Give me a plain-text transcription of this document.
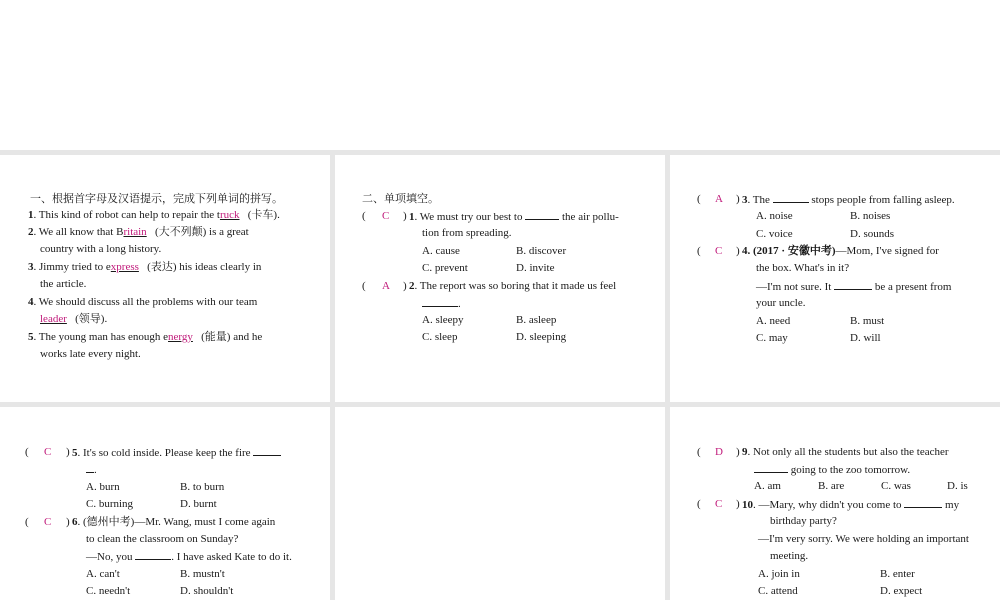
一、根据首字母及汉语提示，完成下列单词的拼写。
1. This kind of robot can help to repair the truck (卡车).
2. We all know that Britain (大不列颠) is a great
country with a long history.
3. Jimmy tried to express (表达) his ideas clearly in
the article.
4. We should discuss all the problems with our team
leader (领导).
5. The young man has enough energy (能量) and he
works late every night.
二、单项填空。
( C ) 1. We must try our best to	the air pollu-
tion from spreading.
A. cause	B. discover
C. prevent	D. invite
( A ) 2. The report was so boring that it made us feel
.
A. sleepy	B. asleep
C. sleep	D. sleeping
( A ) 3. The	stops people from falling asleep.
A. noise	B. noises
C. voice	D. sounds
( C ) 4. (2017 · 安徽中考)—Mom, I've signed for
the box. What's in it?
—I'm not sure. It	be a present from
your uncle.
A. need	B. must
C. may	D. will
( C ) 5. It's so cold inside. Please keep the fire
.
A. burn	B. to burn
C. burning	D. burnt
( C ) 6. (德州中考)—Mr. Wang, must I come again
to clean the classroom on Sunday?
—No, you	. I have asked Kate to do it.
A. can't	B. mustn't
C. needn't	D. shouldn't
( D ) 9. Not only all the students but also the teacher
going to the zoo tomorrow.
A. am	B. are	C. was	D. is
( C ) 10. —Mary, why didn't you come to	my
birthday party?
—I'm very sorry. We were holding an important
meeting.
A. join in	B. enter
C. attend	D. expect
